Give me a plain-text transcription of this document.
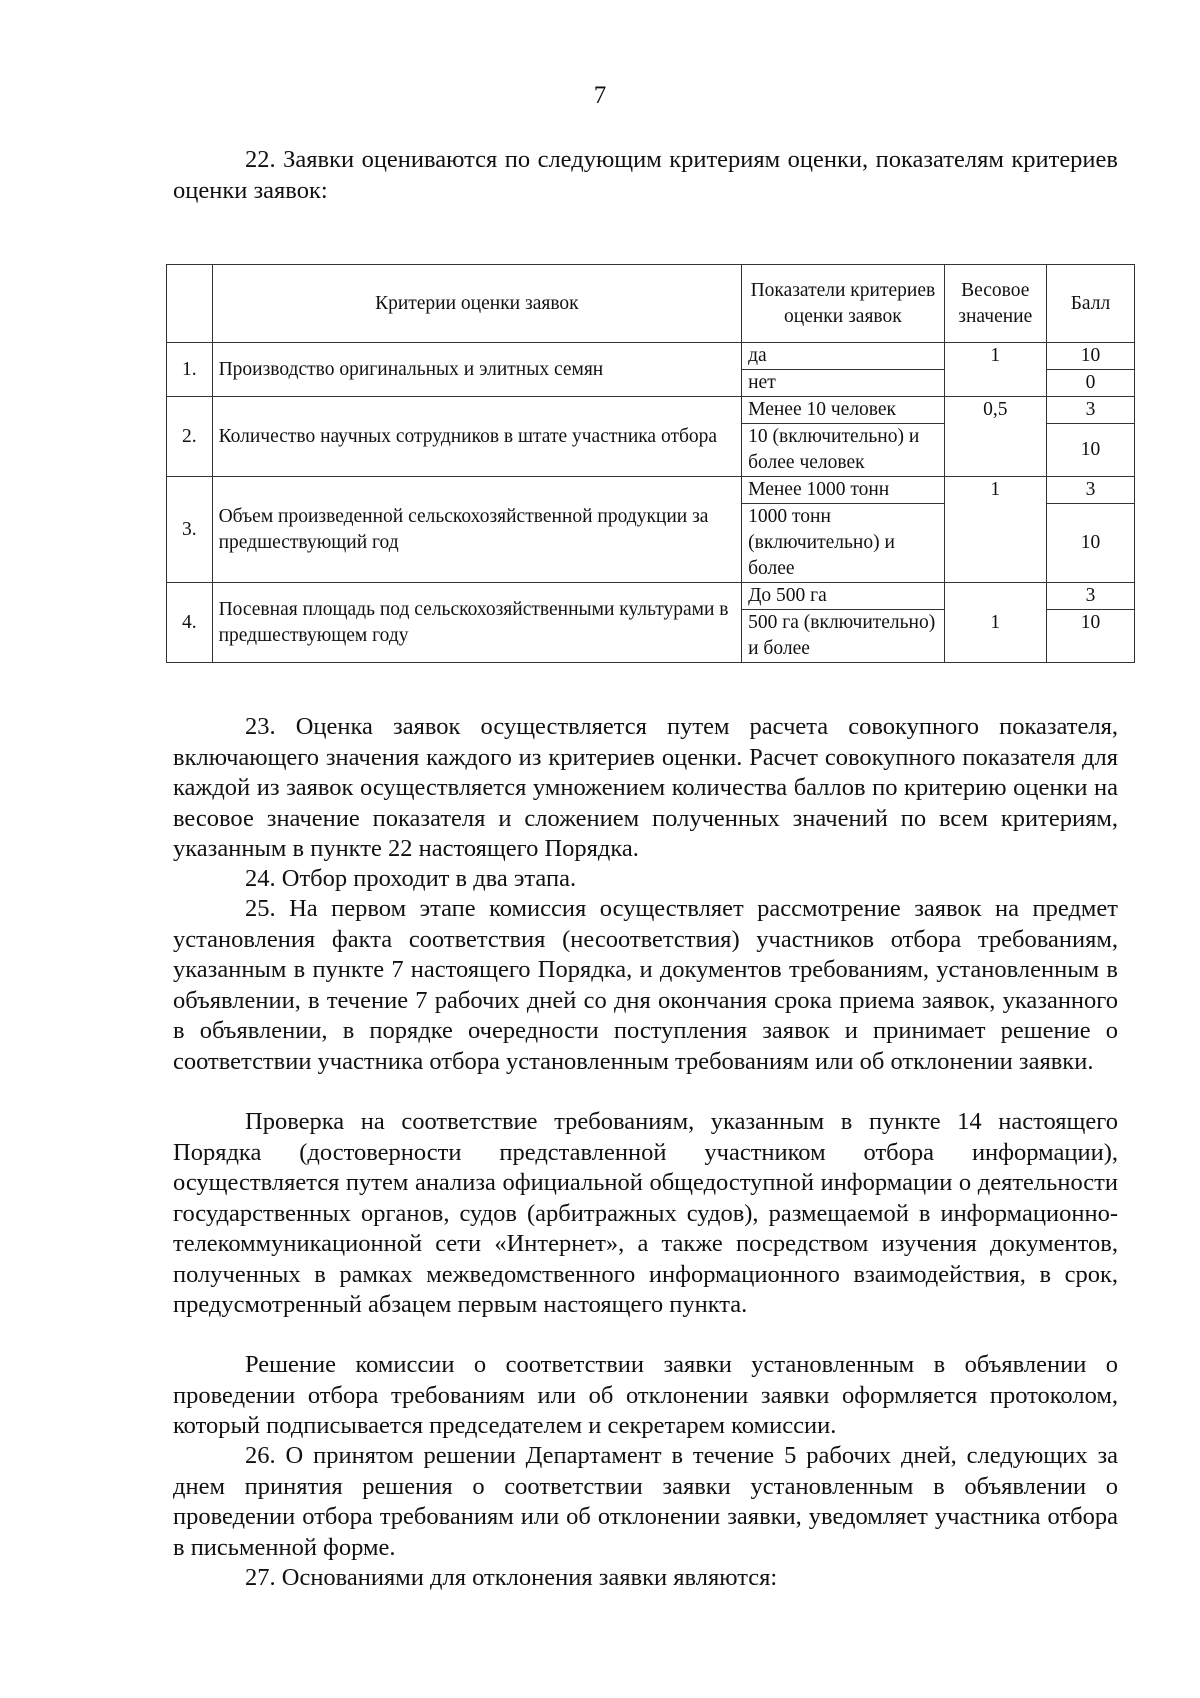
7

22. Заявки оцениваются по следующим критериям оценки, показателям критериев оценки заявок:

	Критерии оценки заявок	Показатели критериев оценки заявок	Весовое значение	Балл
1.	Производство оригинальных и элитных семян	да	1	10
		нет		0
2.	Количество научных сотрудников в штате участника отбора	Менее 10 человек	0,5	3
		10 (включительно) и более человек		10
3.	Объем произведенной сельскохозяйственной продукции за предшествующий год	Менее 1000 тонн	1	3
		1000 тонн (включительно) и более		10
4.	Посевная площадь под сельскохозяйственными культурами в предшествующем году	До 500 га	1	3
		500 га (включительно) и более		10

23. Оценка заявок осуществляется путем расчета совокупного показателя, включающего значения каждого из критериев оценки. Расчет совокупного показателя для каждой из заявок осуществляется умножением количества баллов по критерию оценки на весовое значение показателя и сложением полученных значений по всем критериям, указанным в пункте 22 настоящего Порядка.

24. Отбор проходит в два этапа.

25. На первом этапе комиссия осуществляет рассмотрение заявок на предмет установления факта соответствия (несоответствия) участников отбора требованиям, указанным в пункте 7 настоящего Порядка, и документов требованиям, установленным в объявлении, в течение 7 рабочих дней со дня окончания срока приема заявок, указанного в объявлении, в порядке очередности поступления заявок и принимает решение о соответствии участника отбора установленным требованиям или об отклонении заявки.

Проверка на соответствие требованиям, указанным в пункте 14 настоящего Порядка (достоверности представленной участником отбора информации), осуществляется путем анализа официальной общедоступной информации о деятельности государственных органов, судов (арбитражных судов), размещаемой в информационно-телекоммуникационной сети «Интернет», а также посредством изучения документов, полученных в рамках межведомственного информационного взаимодействия, в срок, предусмотренный абзацем первым настоящего пункта.

Решение комиссии о соответствии заявки установленным в объявлении о проведении отбора требованиям или об отклонении заявки оформляется протоколом, который подписывается председателем и секретарем комиссии.

26. О принятом решении Департамент в течение 5 рабочих дней, следующих за днем принятия решения о соответствии заявки установленным в объявлении о проведении отбора требованиям или об отклонении заявки, уведомляет участника отбора в письменной форме.

27. Основаниями для отклонения заявки являются:
